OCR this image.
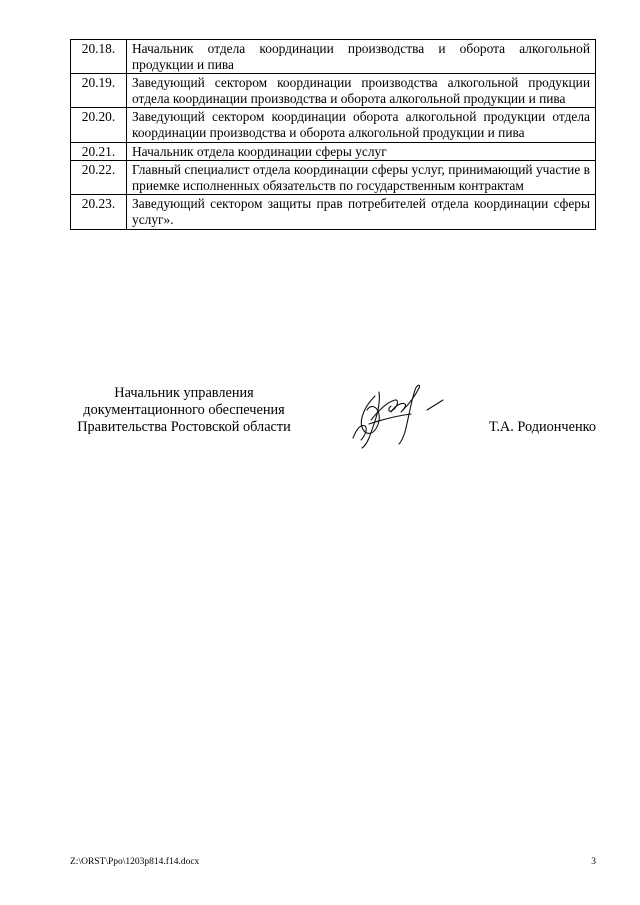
20.18.	Начальник отдела координации производства и оборота алкогольной продукции и пива
20.19.	Заведующий сектором координации производства алкогольной продукции отдела координации производства и оборота алкогольной продукции и пива
20.20.	Заведующий сектором координации оборота алкогольной продукции отдела координации производства и оборота алкогольной продукции и пива
20.21.	Начальник отдела координации сферы услуг
20.22.	Главный специалист отдела координации сферы услуг, принимающий участие в приемке исполненных обязательств по государственным контрактам
20.23.	Заведующий сектором защиты прав потребителей отдела координации сферы услуг».
Начальник управления
документационного обеспечения
Правительства Ростовской области	Т.А. Родионченко
Z:\ORST\Ppo\1203p814.f14.docx	3
